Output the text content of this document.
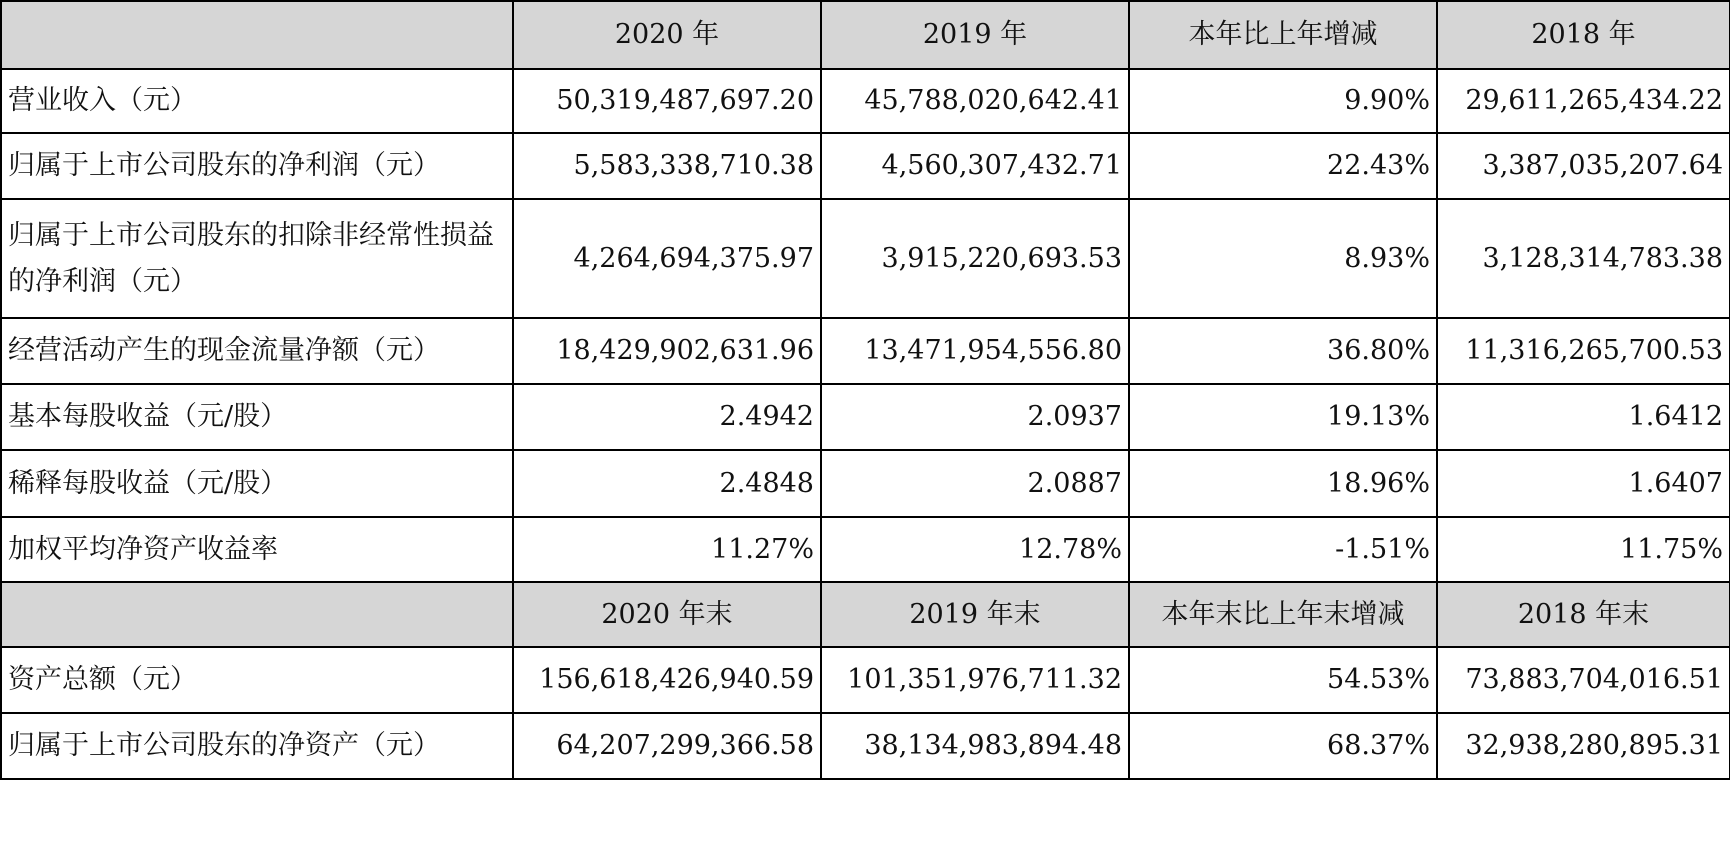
	2020 年	2019 年	本年比上年增减	2018 年
营业收入（元）	50,319,487,697.20	45,788,020,642.41	9.90%	29,611,265,434.22
归属于上市公司股东的净利润（元）	5,583,338,710.38	4,560,307,432.71	22.43%	3,387,035,207.64
归属于上市公司股东的扣除非经常性损益的净利润（元）	4,264,694,375.97	3,915,220,693.53	8.93%	3,128,314,783.38
经营活动产生的现金流量净额（元）	18,429,902,631.96	13,471,954,556.80	36.80%	11,316,265,700.53
基本每股收益（元/股）	2.4942	2.0937	19.13%	1.6412
稀释每股收益（元/股）	2.4848	2.0887	18.96%	1.6407
加权平均净资产收益率	11.27%	12.78%	-1.51%	11.75%
	2020 年末	2019 年末	本年末比上年末增减	2018 年末
资产总额（元）	156,618,426,940.59	101,351,976,711.32	54.53%	73,883,704,016.51
归属于上市公司股东的净资产（元）	64,207,299,366.58	38,134,983,894.48	68.37%	32,938,280,895.31
